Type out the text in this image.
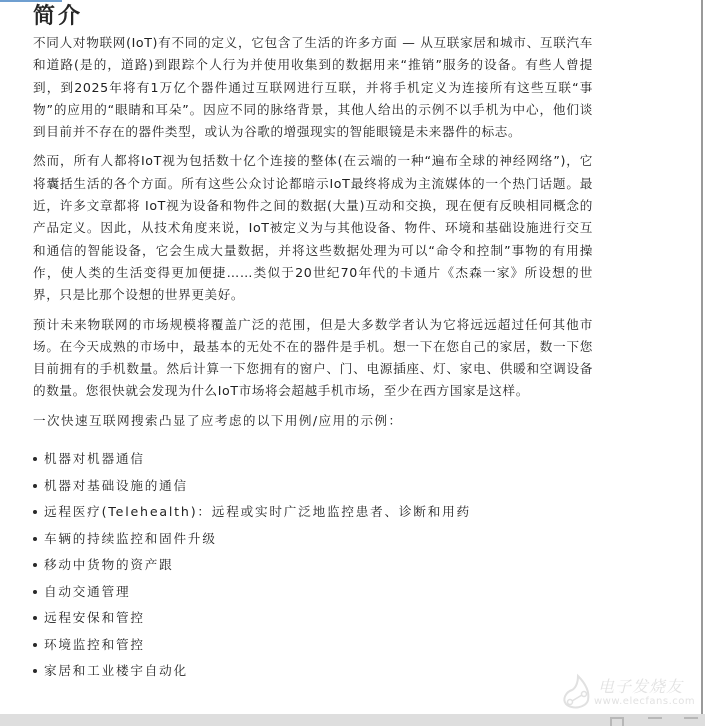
简介

不同人对物联网(IoT)有不同的定义，它包含了生活的许多方面 — 从互联家居和城市、互联汽车和道路(是的，道路)到跟踪个人行为并使用收集到的数据用来“推销”服务的设备。有些人曾提到，到2025年将有1万亿个器件通过互联网进行互联，并将手机定义为连接所有这些互联“事物”的应用的“眼睛和耳朵”。因应不同的脉络背景，其他人给出的示例不以手机为中心，他们谈到目前并不存在的器件类型，或认为谷歌的增强现实的智能眼镜是未来器件的标志。

然而，所有人都将IoT视为包括数十亿个连接的整体(在云端的一种“遍布全球的神经网络”)，它将囊括生活的各个方面。所有这些公众讨论都暗示IoT最终将成为主流媒体的一个热门话题。最近，许多文章都将 IoT视为设备和物件之间的数据(大量)互动和交换，现在便有反映相同概念的产品定义。因此，从技术角度来说，IoT被定义为与其他设备、物件、环境和基础设施进行交互和通信的智能设备，它会生成大量数据，并将这些数据处理为可以“命令和控制”事物的有用操作，使人类的生活变得更加便捷……类似于20世纪70年代的卡通片《杰森一家》所设想的世界，只是比那个设想的世界更美好。

预计未来物联网的市场规模将覆盖广泛的范围，但是大多数学者认为它将远远超过任何其他市场。在今天成熟的市场中，最基本的无处不在的器件是手机。想一下在您自己的家居，数一下您目前拥有的手机数量。然后计算一下您拥有的窗户、门、电源插座、灯、家电、供暖和空调设备的数量。您很快就会发现为什么IoT市场将会超越手机市场，至少在西方国家是这样。

一次快速互联网搜索凸显了应考虑的以下用例/应用的示例：

机器对机器通信
机器对基础设施的通信
远程医疗(Telehealth)：远程或实时广泛地监控患者、诊断和用药
车辆的持续监控和固件升级
移动中货物的资产跟
自动交通管理
远程安保和管控
环境监控和管控
家居和工业楼宇自动化
电子发烧友
www.elecfans.com
